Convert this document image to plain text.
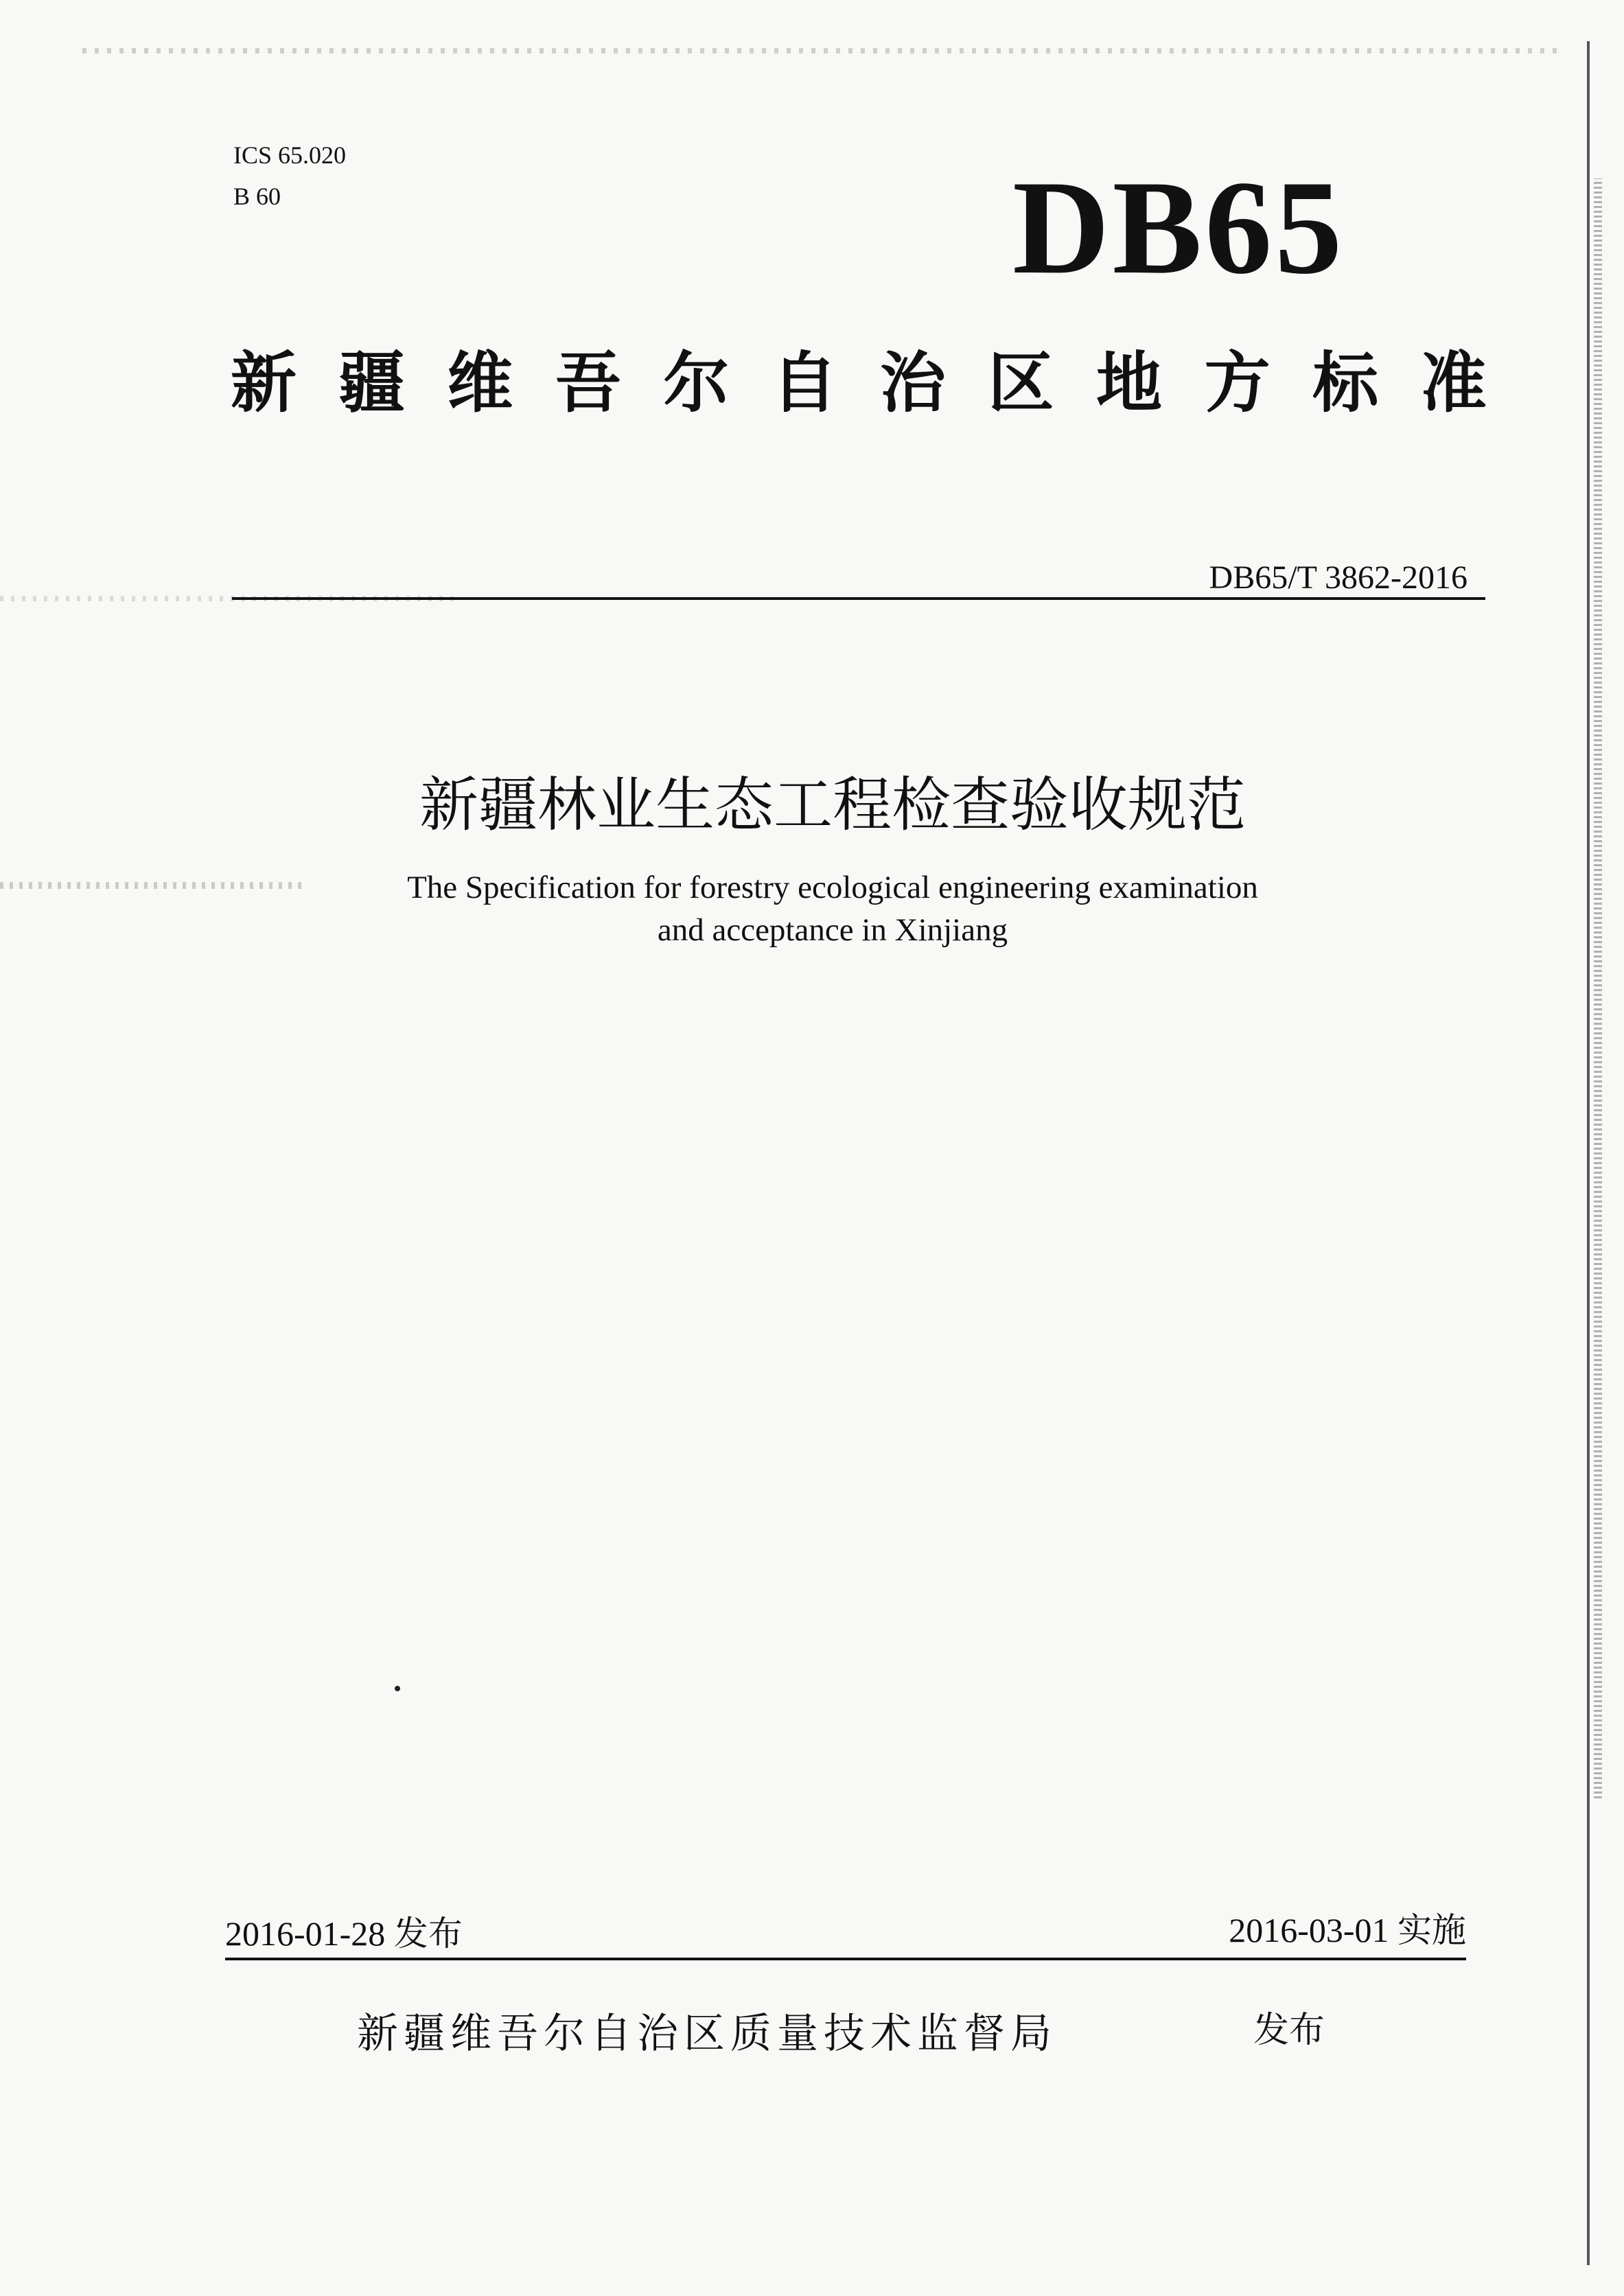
ICS 65.020
B 60	DB65
新 疆 维 吾 尔 自 治 区 地 方 标 准
DB65/T 3862-2016
新疆林业生态工程检查验收规范
The Specification for forestry ecological engineering examination
and acceptance in Xinjiang
2016-01-28 发布	2016-03-01 实施
新疆维吾尔自治区质量技术监督局	发布
